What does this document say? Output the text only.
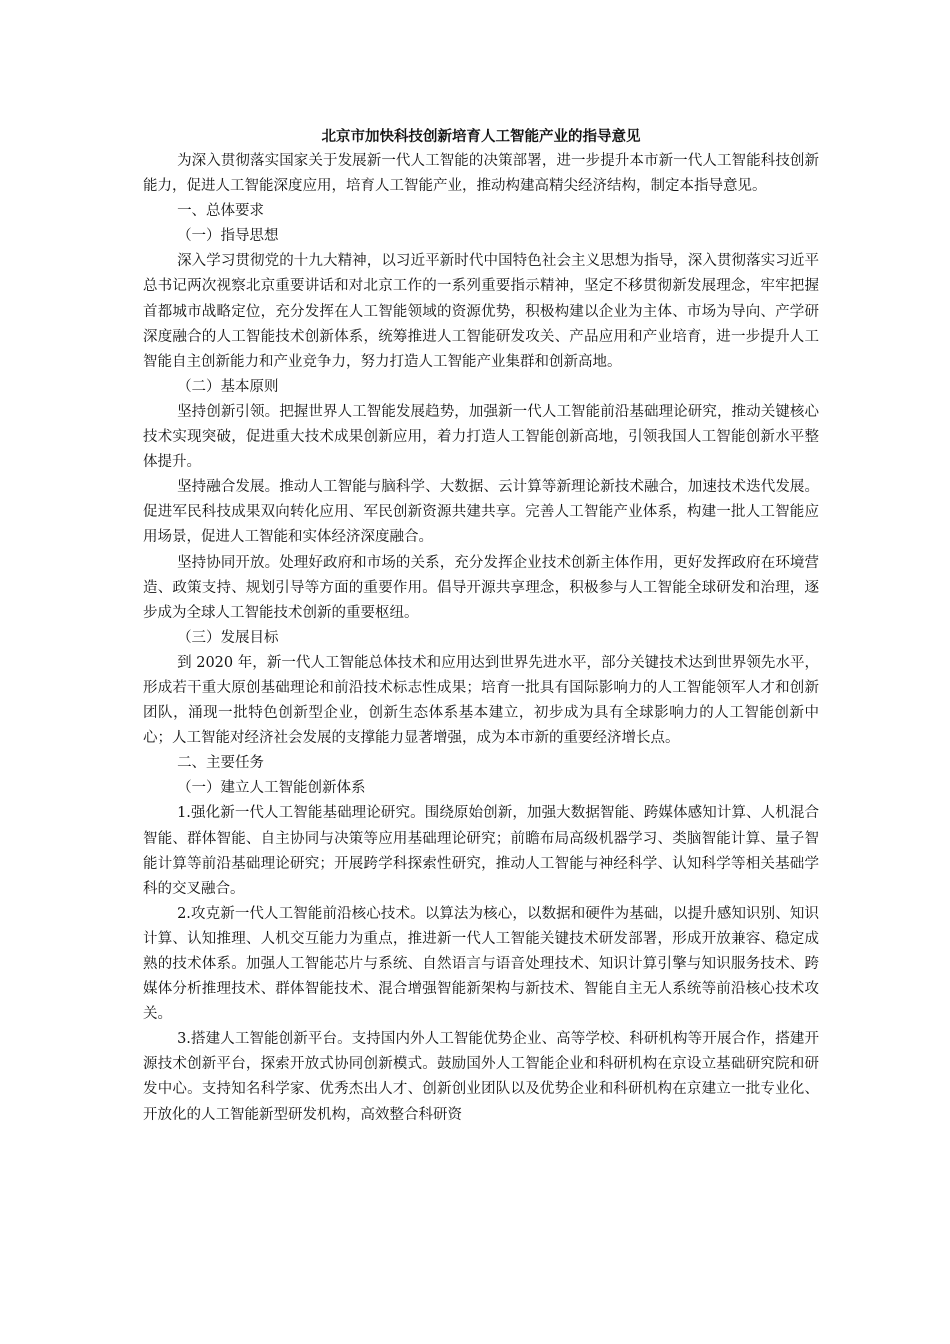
北京市加快科技创新培育人工智能产业的指导意见

为深入贯彻落实国家关于发展新一代人工智能的决策部署，进一步提升本市新一代人工智能科技创新能力，促进人工智能深度应用，培育人工智能产业，推动构建高精尖经济结构，制定本指导意见。

一、总体要求

（一）指导思想

深入学习贯彻党的十九大精神，以习近平新时代中国特色社会主义思想为指导，深入贯彻落实习近平总书记两次视察北京重要讲话和对北京工作的一系列重要指示精神，坚定不移贯彻新发展理念，牢牢把握首都城市战略定位，充分发挥在人工智能领域的资源优势，积极构建以企业为主体、市场为导向、产学研深度融合的人工智能技术创新体系，统筹推进人工智能研发攻关、产品应用和产业培育，进一步提升人工智能自主创新能力和产业竞争力，努力打造人工智能产业集群和创新高地。

（二）基本原则

坚持创新引领。把握世界人工智能发展趋势，加强新一代人工智能前沿基础理论研究，推动关键核心技术实现突破，促进重大技术成果创新应用，着力打造人工智能创新高地，引领我国人工智能创新水平整体提升。

坚持融合发展。推动人工智能与脑科学、大数据、云计算等新理论新技术融合，加速技术迭代发展。促进军民科技成果双向转化应用、军民创新资源共建共享。完善人工智能产业体系，构建一批人工智能应用场景，促进人工智能和实体经济深度融合。

坚持协同开放。处理好政府和市场的关系，充分发挥企业技术创新主体作用，更好发挥政府在环境营造、政策支持、规划引导等方面的重要作用。倡导开源共享理念，积极参与人工智能全球研发和治理，逐步成为全球人工智能技术创新的重要枢纽。

（三）发展目标

到 2020 年，新一代人工智能总体技术和应用达到世界先进水平，部分关键技术达到世界领先水平，形成若干重大原创基础理论和前沿技术标志性成果；培育一批具有国际影响力的人工智能领军人才和创新团队，涌现一批特色创新型企业，创新生态体系基本建立，初步成为具有全球影响力的人工智能创新中心；人工智能对经济社会发展的支撑能力显著增强，成为本市新的重要经济增长点。

二、主要任务

（一）建立人工智能创新体系

1.强化新一代人工智能基础理论研究。围绕原始创新，加强大数据智能、跨媒体感知计算、人机混合智能、群体智能、自主协同与决策等应用基础理论研究；前瞻布局高级机器学习、类脑智能计算、量子智能计算等前沿基础理论研究；开展跨学科探索性研究，推动人工智能与神经科学、认知科学等相关基础学科的交叉融合。

2.攻克新一代人工智能前沿核心技术。以算法为核心，以数据和硬件为基础，以提升感知识别、知识计算、认知推理、人机交互能力为重点，推进新一代人工智能关键技术研发部署，形成开放兼容、稳定成熟的技术体系。加强人工智能芯片与系统、自然语言与语音处理技术、知识计算引擎与知识服务技术、跨媒体分析推理技术、群体智能技术、混合增强智能新架构与新技术、智能自主无人系统等前沿核心技术攻关。

3.搭建人工智能创新平台。支持国内外人工智能优势企业、高等学校、科研机构等开展合作，搭建开源技术创新平台，探索开放式协同创新模式。鼓励国外人工智能企业和科研机构在京设立基础研究院和研发中心。支持知名科学家、优秀杰出人才、创新创业团队以及优势企业和科研机构在京建立一批专业化、开放化的人工智能新型研发机构，高效整合科研资
